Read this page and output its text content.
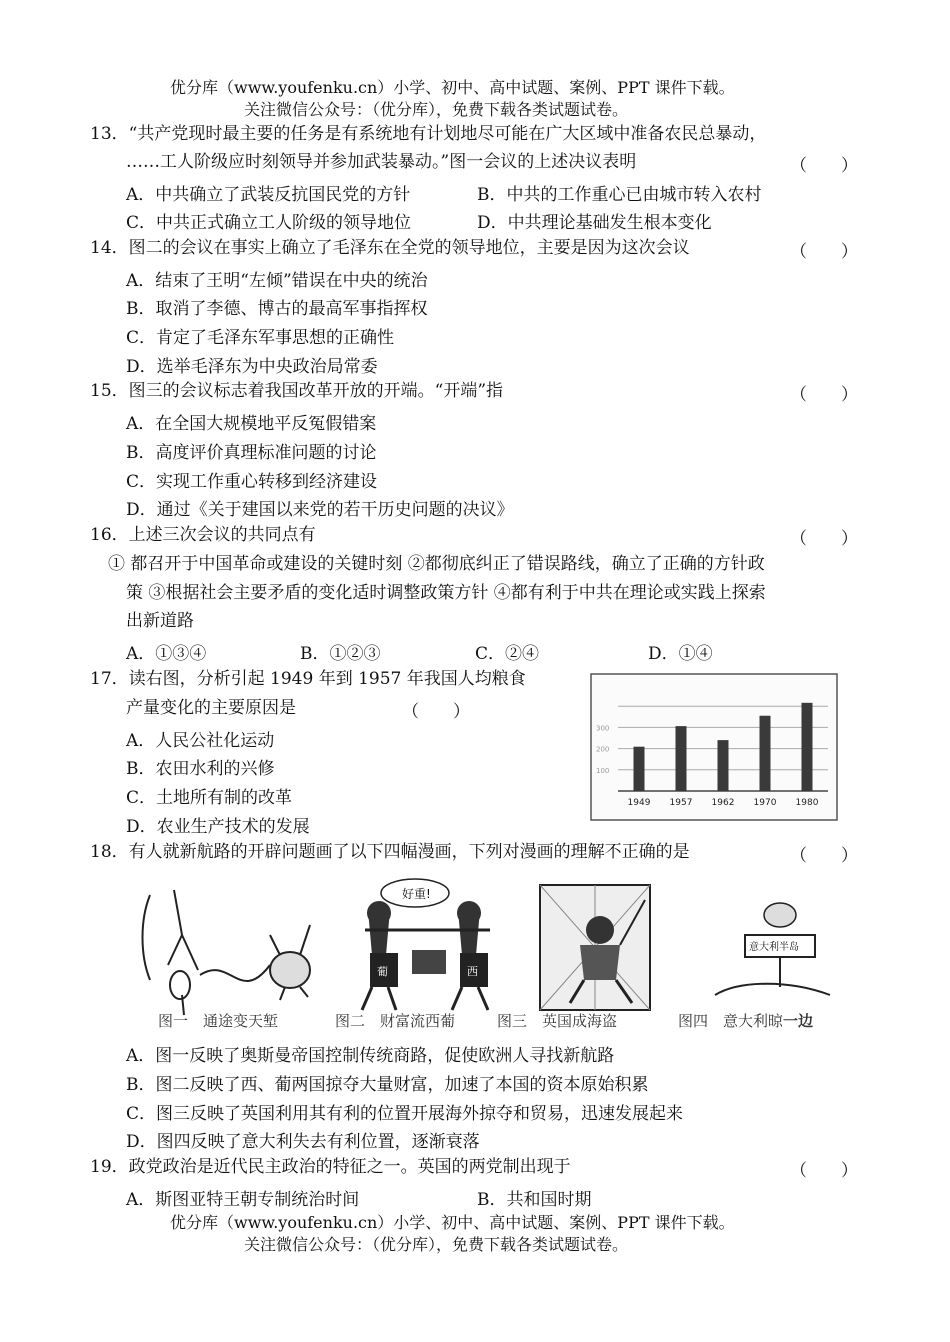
优分库（www.youfenku.cn）小学、初中、高中试题、案例、PPT 课件下载。
关注微信公众号：（优分库），免费下载各类试题试卷。
13．“共产党现时最主要的任务是有系统地有计划地尽可能在广大区域中准备农民总暴动，
……工人阶级应时刻领导并参加武装暴动。”图一会议的上述决议表明	（　　）
A．中共确立了武装反抗国民党的方针	B．中共的工作重心已由城市转入农村
C．中共正式确立工人阶级的领导地位	D．中共理论基础发生根本变化
14．图二的会议在事实上确立了毛泽东在全党的领导地位，主要是因为这次会议	（　　）
A．结束了王明“左倾”错误在中央的统治
B．取消了李德、博古的最高军事指挥权
C．肯定了毛泽东军事思想的正确性
D．选举毛泽东为中央政治局常委
15．图三的会议标志着我国改革开放的开端。“开端”指	（　　）
A．在全国大规模地平反冤假错案
B．高度评价真理标准问题的讨论
C．实现工作重心转移到经济建设
D．通过《关于建国以来党的若干历史问题的决议》
16．上述三次会议的共同点有	（　　）
① 都召开于中国革命或建设的关键时刻 ②都彻底纠正了错误路线，确立了正确的方针政
策 ③根据社会主要矛盾的变化适时调整政策方针 ④都有利于中共在理论或实践上探索
出新道路
A．①③④	B．①②③	C．②④	D．①④
17．读右图，分析引起 1949 年到 1957 年我国人均粮食
产量变化的主要原因是	（　　）
A．人民公社化运动
B．农田水利的兴修
C．土地所有制的改革
D．农业生产技术的发展
100
200
300
1949 1957 1962 1970 1980
18．有人就新航路的开辟问题画了以下四幅漫画，下列对漫画的理解不正确的是	（　　）
好重!
葡	西
意大利半岛
图一　通途变天堑	图二　财富流西葡	图三　英国成海盗	图四　意大利晾一边
A．图一反映了奥斯曼帝国控制传统商路，促使欧洲人寻找新航路
B．图二反映了西、葡两国掠夺大量财富，加速了本国的资本原始积累
C．图三反映了英国利用其有利的位置开展海外掠夺和贸易，迅速发展起来
D．图四反映了意大利失去有利位置，逐渐衰落
19．政党政治是近代民主政治的特征之一。英国的两党制出现于	（　　）
A．斯图亚特王朝专制统治时间	B．共和国时期
优分库（www.youfenku.cn）小学、初中、高中试题、案例、PPT 课件下载。
关注微信公众号：（优分库），免费下载各类试题试卷。
